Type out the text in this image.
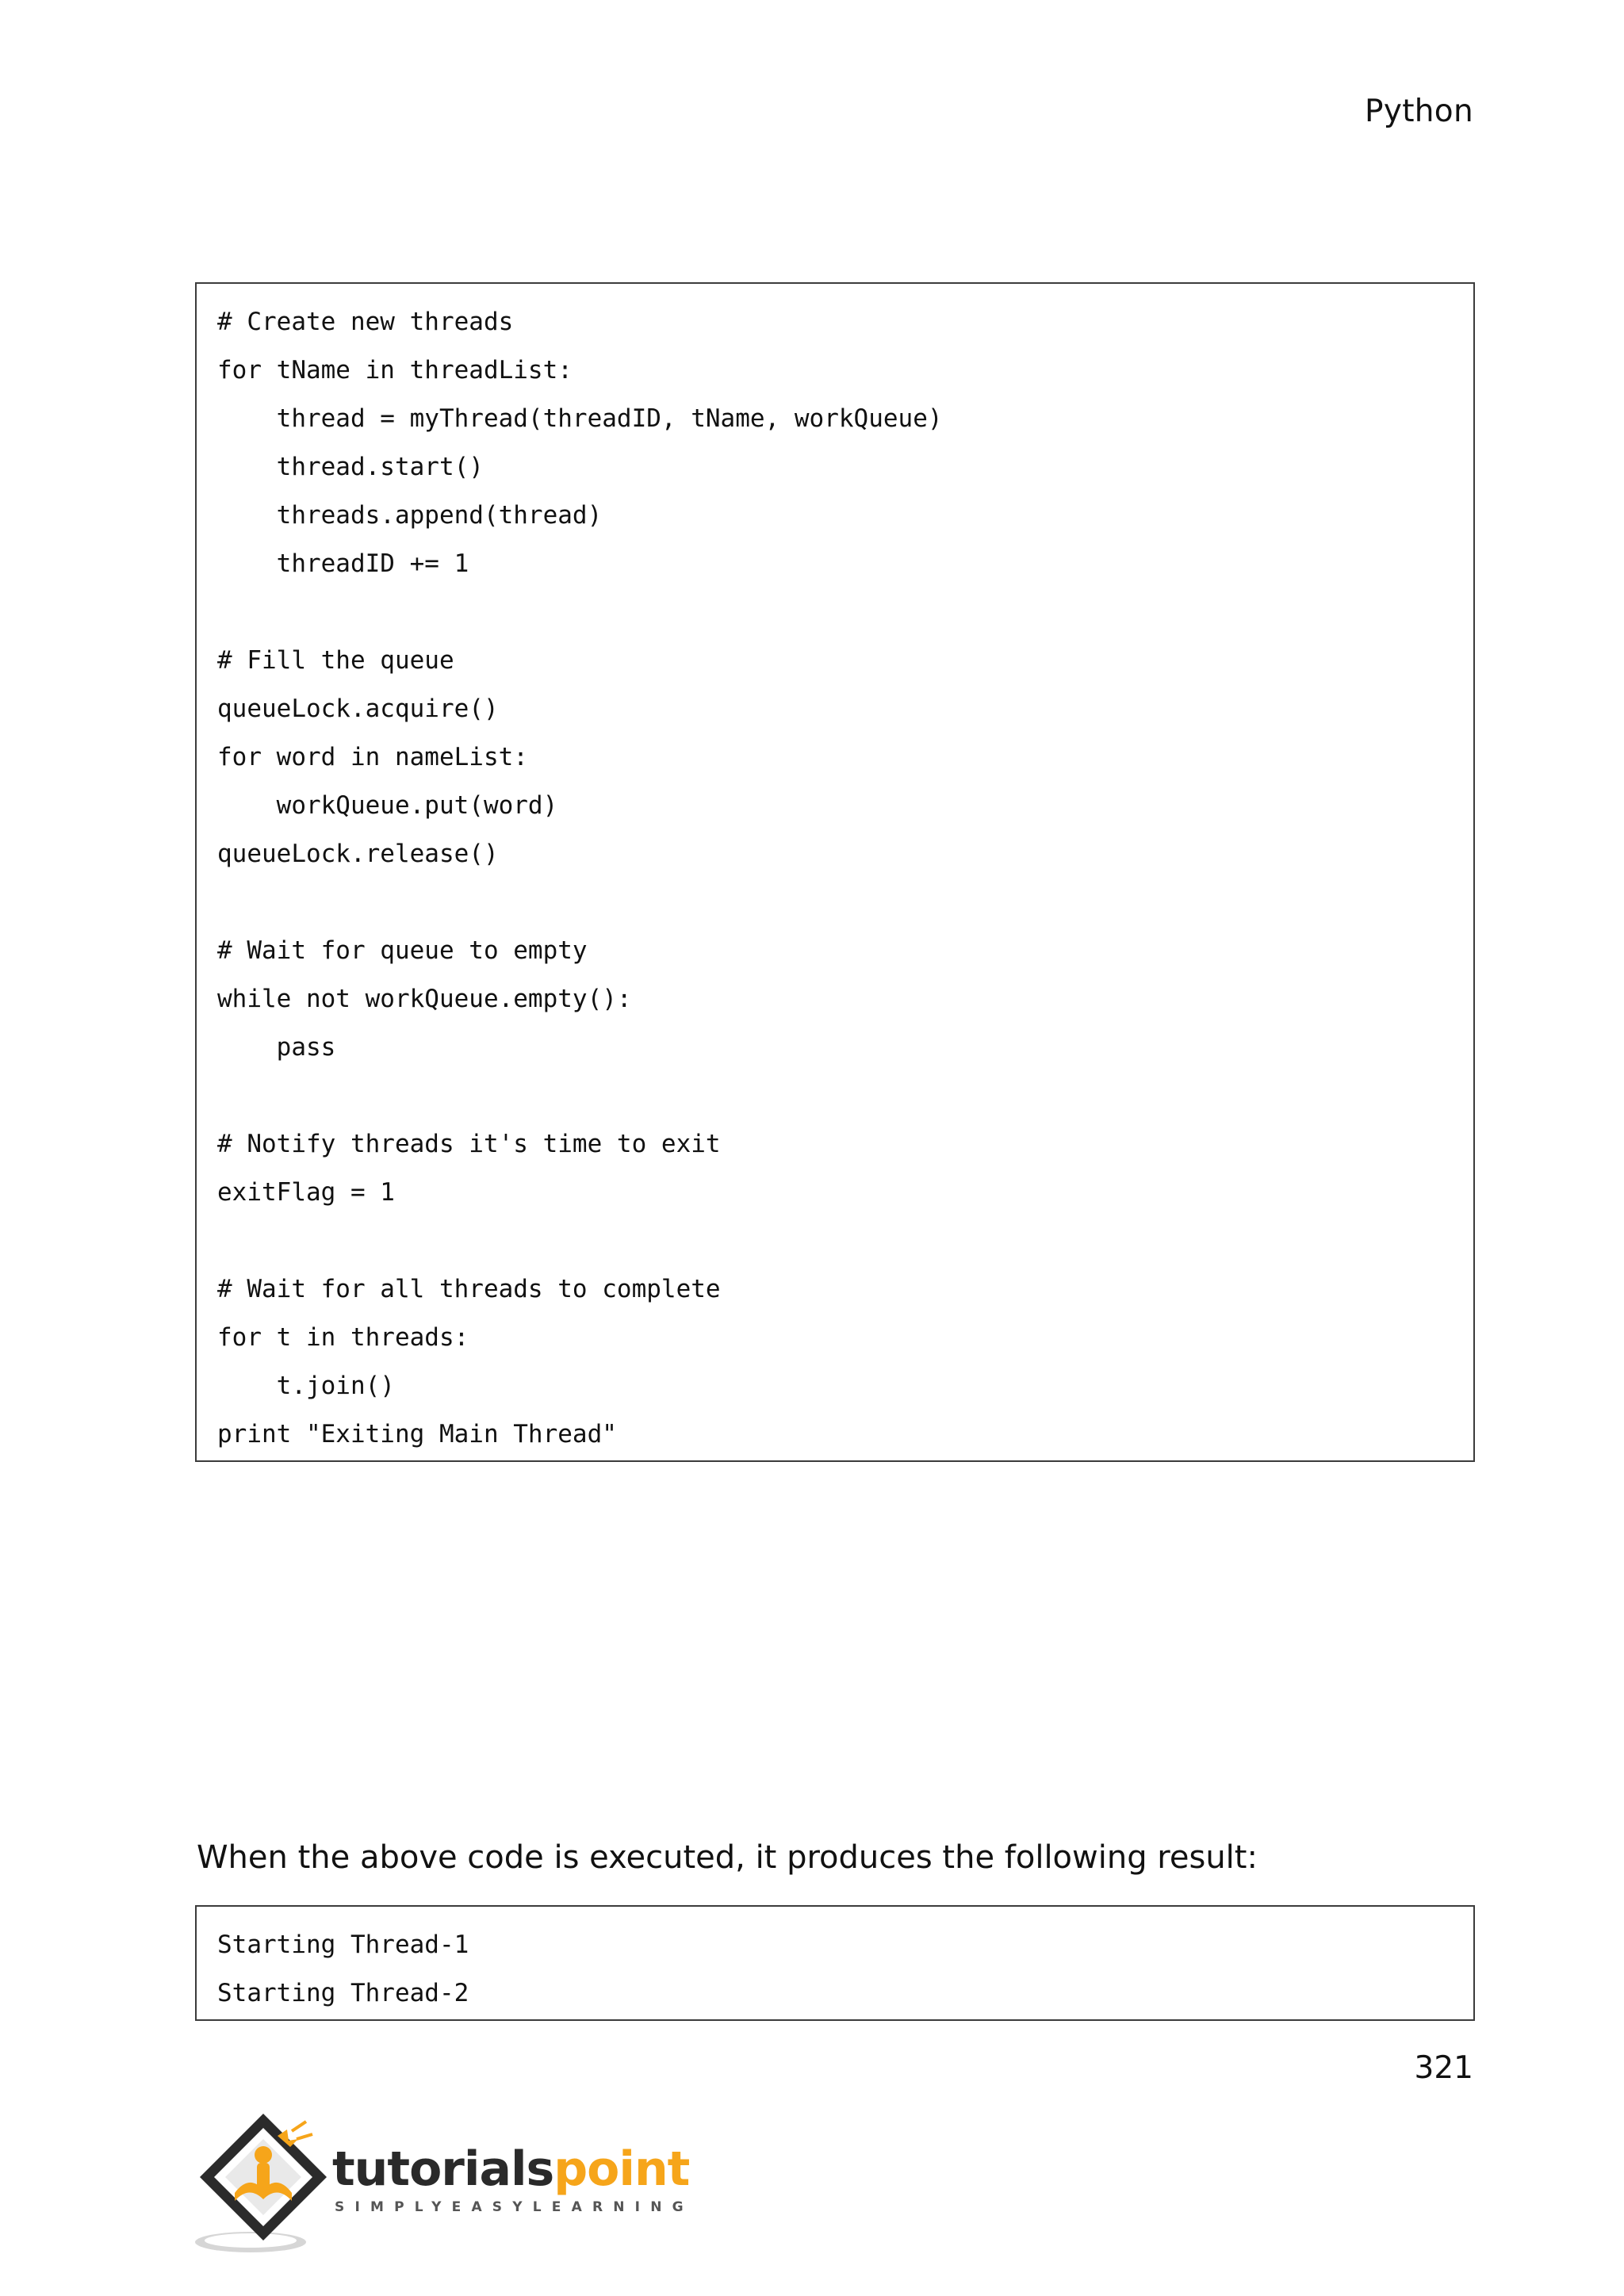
Python
# Create new threads
for tName in threadList:
thread = myThread(threadID, tName, workQueue)
thread.start()
threads.append(thread)
threadID += 1
# Fill the queue
queueLock.acquire()
for word in nameList:
workQueue.put(word)
queueLock.release()
# Wait for queue to empty
while not workQueue.empty():
pass
# Notify threads it's time to exit
exitFlag = 1
# Wait for all threads to complete
for t in threads:
t.join()
print "Exiting Main Thread"
When the above code is executed, it produces the following result:
Starting Thread-1
Starting Thread-2
321
tutorialspoint
SIMPLYEASYLEARNING
